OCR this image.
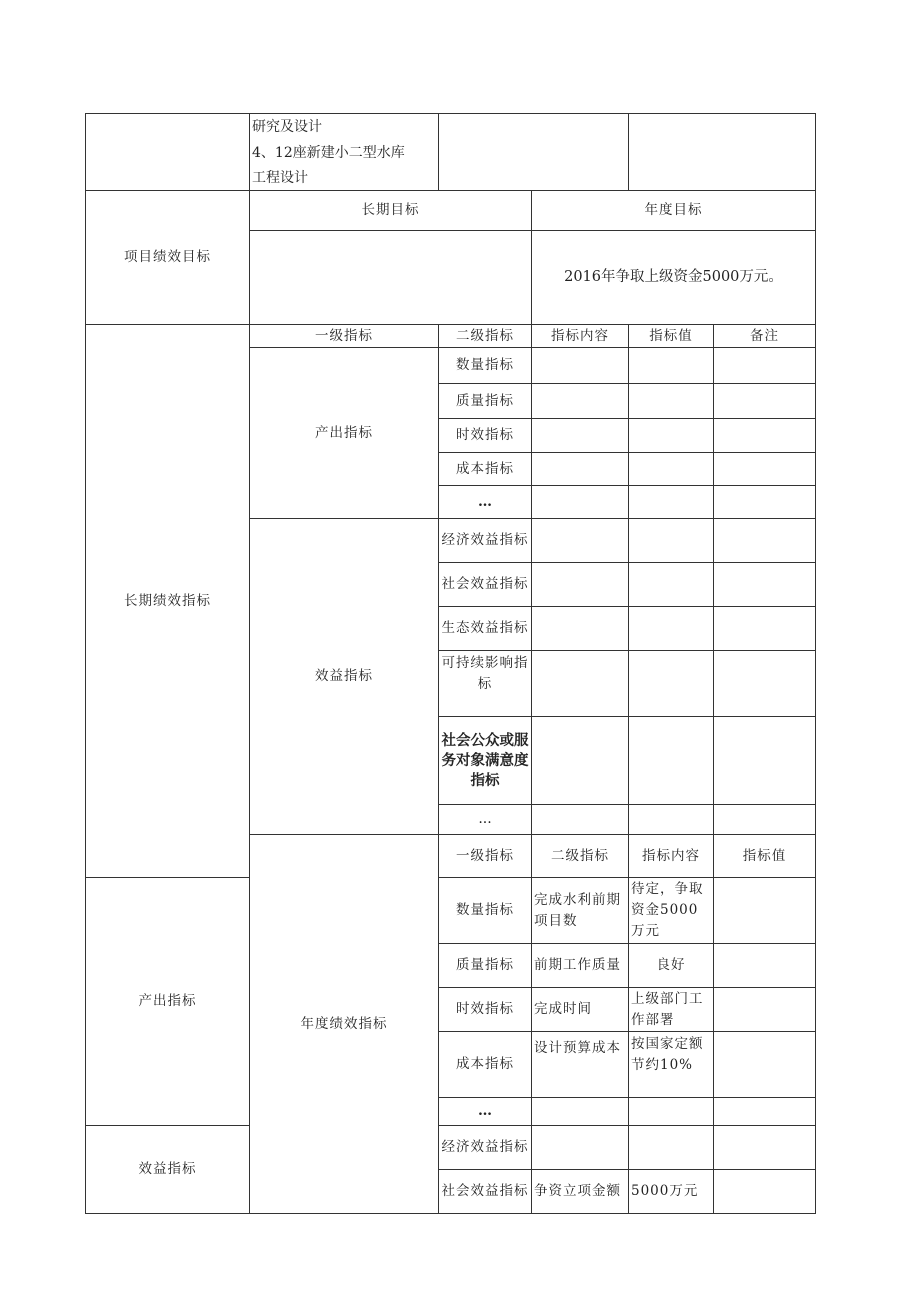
	研究及设计
4、12座新建小二型水库
工程设计					

项目绩效目标	长期目标		年度目标			
			2016年争取上级资金5000万元。			
长期绩效指标	一级指标	二级指标	指标内容	指标值	备注	
	产出指标	数量指标				
		质量指标				
		时效指标				
		成本指标				
		…				
	效益指标	经济效益指标				
		社会效益指标				
		生态效益指标				
		可持续影响指标				
		社会公众或服务对象满意度指标				
		...				
	年度绩效指标	一级指标	二级指标	指标内容	指标值	
产出指标		数量指标	完成水利前期项目数	待定，争取资金5000万元		
		质量指标	前期工作质量	良好		
		时效指标	完成时间	上级部门工作部署		
		成本指标	设计预算成本	按国家定额节约10%		
		…				
效益指标		经济效益指标				
		社会效益指标	争资立项金额	5000万元		
